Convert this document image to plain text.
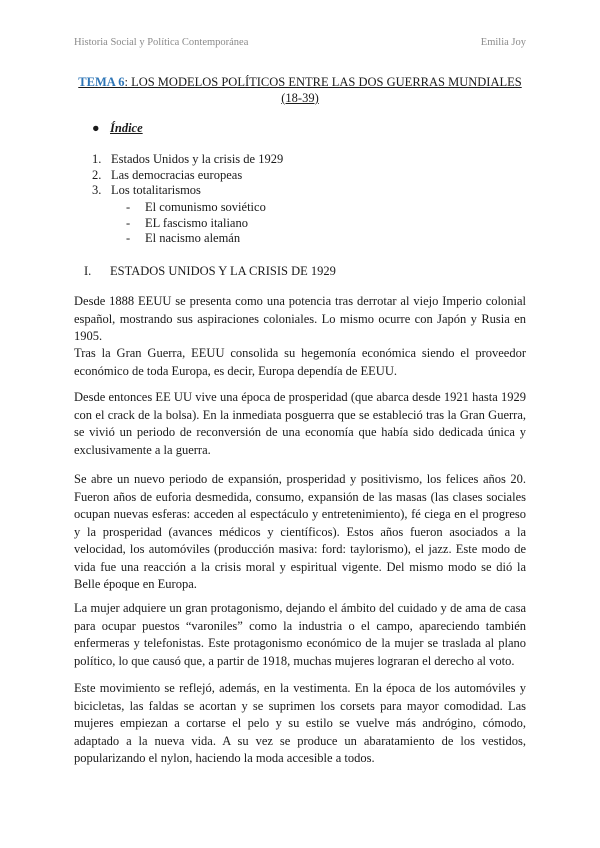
Historia Social y Política Contemporánea	Emilia Joy
TEMA 6: LOS MODELOS POLÍTICOS ENTRE LAS DOS GUERRAS MUNDIALES (18-39)
● Índice
1. Estados Unidos y la crisis de 1929
2. Las democracias europeas
3. Los totalitarismos
-	El comunismo soviético
-	EL fascismo italiano
-	El nacismo alemán
I.	ESTADOS UNIDOS Y LA CRISIS DE 1929

Desde 1888 EEUU se presenta como una potencia tras derrotar al viejo Imperio colonial español, mostrando sus aspiraciones coloniales. Lo mismo ocurre con Japón y Rusia en 1905.

Tras la Gran Guerra, EEUU consolida su hegemonía económica siendo el proveedor económico de toda Europa, es decir, Europa dependía de EEUU.

Desde entonces EE UU vive una época de prosperidad (que abarca desde 1921 hasta 1929 con el crack de la bolsa). En la inmediata posguerra que se estableció tras la Gran Guerra, se vivió un periodo de reconversión de una economía que había sido dedicada única y exclusivamente a la guerra.

Se abre un nuevo periodo de expansión, prosperidad y positivismo, los felices años 20. Fueron años de euforia desmedida, consumo, expansión de las masas (las clases sociales ocupan nuevas esferas: acceden al espectáculo y entretenimiento), fé ciega en el progreso y la prosperidad (avances médicos y científicos). Estos años fueron asociados a la velocidad, los automóviles (producción masiva: ford: taylorismo), el jazz. Este modo de vida fue una reacción a la crisis moral y espiritual vigente. Del mismo modo se dió la Belle époque en Europa.

La mujer adquiere un gran protagonismo, dejando el ámbito del cuidado y de ama de casa para ocupar puestos “varoniles” como la industria o el campo, apareciendo también enfermeras y telefonistas. Este protagonismo económico de la mujer se traslada al plano político, lo que causó que, a partir de 1918, muchas mujeres lograran el derecho al voto.

Este movimiento se reflejó, además, en la vestimenta. En la época de los automóviles y bicicletas, las faldas se acortan y se suprimen los corsets para mayor comodidad. Las mujeres empiezan a cortarse el pelo y su estilo se vuelve más andrógino, cómodo, adaptado a la nueva vida. A su vez se produce un abaratamiento de los vestidos, popularizando el nylon, haciendo la moda accesible a todos.
